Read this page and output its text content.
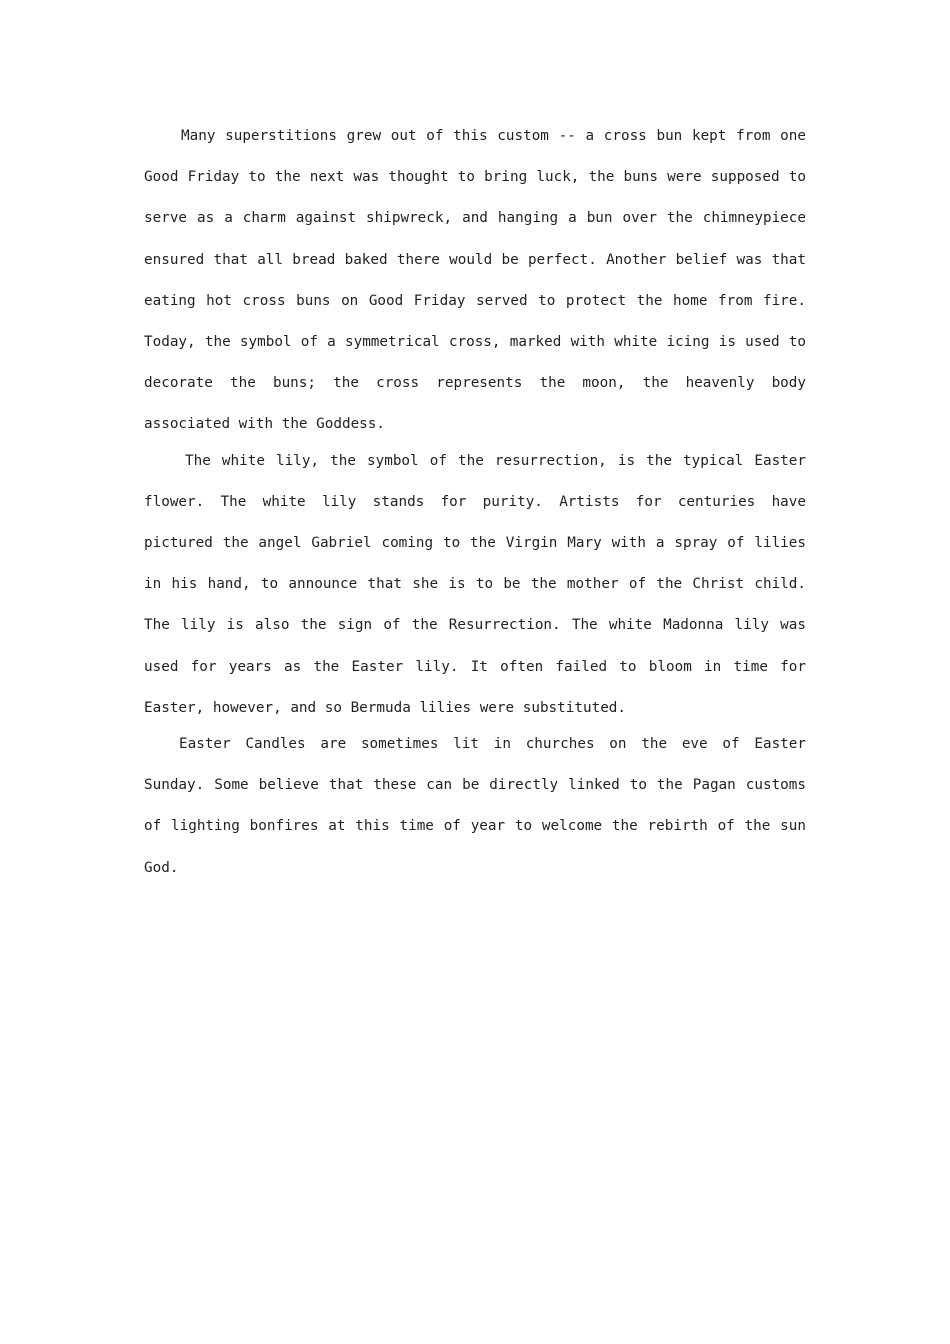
Many superstitions grew out of this custom -- a cross bun kept from one Good Friday to the next was thought to bring luck, the buns were supposed to serve as a charm against shipwreck, and hanging a bun over the chimneypiece ensured that all bread baked there would be perfect. Another belief was that eating hot cross buns on Good Friday served to protect the home from fire. Today, the symbol of a symmetrical cross, marked with white icing is used to decorate the buns; the cross represents the moon, the heavenly body associated with the Goddess.

The white lily, the symbol of the resurrection, is the typical Easter flower. The white lily stands for purity. Artists for centuries have pictured the angel Gabriel coming to the Virgin Mary with a spray of lilies in his hand, to announce that she is to be the mother of the Christ child. The lily is also the sign of the Resurrection. The white Madonna lily was used for years as the Easter lily. It often failed to bloom in time for Easter, however, and so Bermuda lilies were substituted.

Easter Candles are sometimes lit in churches on the eve of Easter Sunday. Some believe that these can be directly linked to the Pagan customs of lighting bonfires at this time of year to welcome the rebirth of the sun God.
